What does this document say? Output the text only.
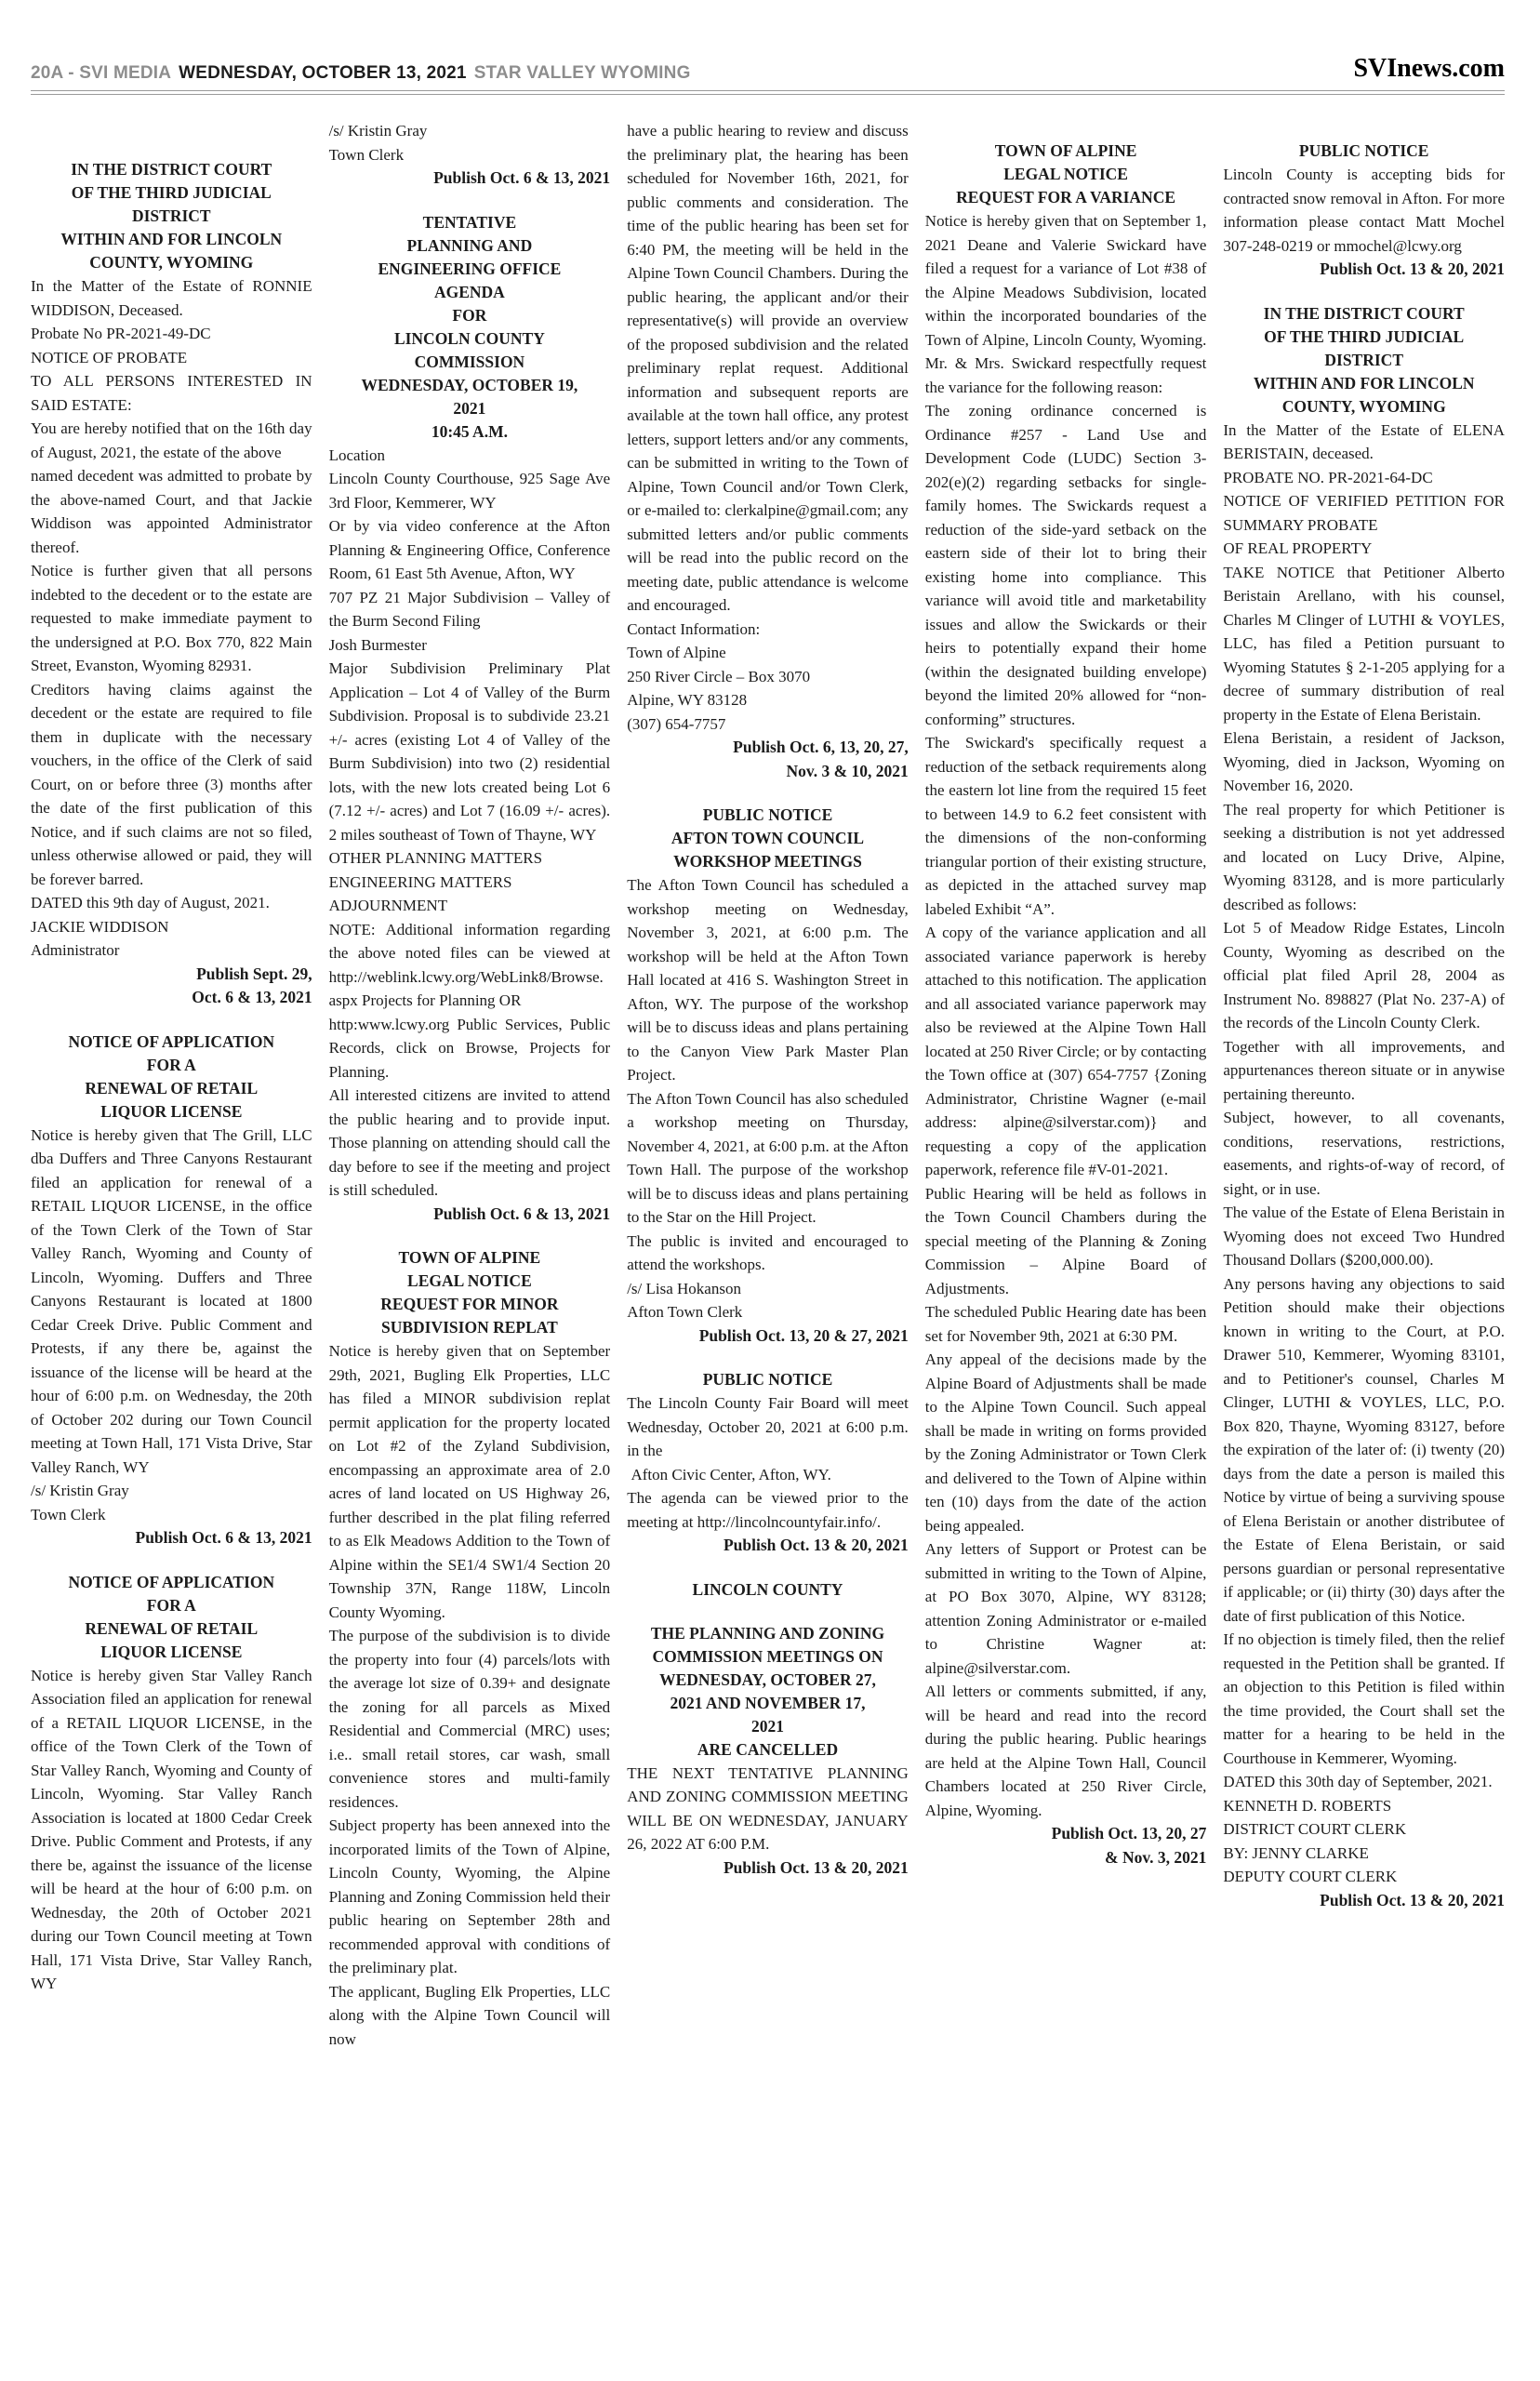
20A - SVI MEDIA WEDNESDAY, OCTOBER 13, 2021 STAR VALLEY WYOMING	SVInews.com
IN THE DISTRICT COURT
OF THE THIRD JUDICIAL
DISTRICT
WITHIN AND FOR LINCOLN
COUNTY, WYOMING

In the Matter of the Estate of RONNIE WIDDISON, Deceased.

Probate No PR-2021-49-DC

NOTICE OF PROBATE

TO ALL PERSONS INTERESTED IN SAID ESTATE:

You are hereby notified that on the 16th day of August, 2021, the estate of the above

named decedent was admitted to probate by the above-named Court, and that Jackie Widdison was appointed Administrator thereof.

Notice is further given that all persons indebted to the decedent or to the estate are requested to make immediate payment to the undersigned at P.O. Box 770, 822 Main Street, Evanston, Wyoming 82931.

Creditors having claims against the decedent or the estate are required to file them in duplicate with the necessary vouchers, in the office of the Clerk of said Court, on or before three (3) months after the date of the first publication of this Notice, and if such claims are not so filed, unless otherwise allowed or paid, they will be forever barred.

DATED this 9th day of August, 2021.

JACKIE WIDDISON

Administrator

Publish Sept. 29,
Oct. 6 & 13, 2021
NOTICE OF APPLICATION
FOR A
RENEWAL OF RETAIL
LIQUOR LICENSE

Notice is hereby given that The Grill, LLC dba Duffers and Three Canyons Restaurant filed an application for renewal of a RETAIL LIQUOR LICENSE, in the office of the Town Clerk of the Town of Star Valley Ranch, Wyoming and County of Lincoln, Wyoming. Duffers and Three Canyons Restaurant is located at 1800 Cedar Creek Drive. Public Comment and Protests, if any there be, against the issuance of the license will be heard at the hour of 6:00 p.m. on Wednesday, the 20th of October 202 during our Town Council meeting at Town Hall, 171 Vista Drive, Star Valley Ranch, WY

/s/ Kristin Gray

Town Clerk

Publish Oct. 6 & 13, 2021
NOTICE OF APPLICATION
FOR A
RENEWAL OF RETAIL
LIQUOR LICENSE

Notice is hereby given Star Valley Ranch Association filed an application for renewal of a RETAIL LIQUOR LICENSE, in the office of the Town Clerk of the Town of Star Valley Ranch, Wyoming and County of Lincoln, Wyoming. Star Valley Ranch Association is located at 1800 Cedar Creek Drive. Public Comment and Protests, if any there be, against the issuance of the license will be heard at the hour of 6:00 p.m. on Wednesday, the 20th of October 2021 during our Town Council meeting at Town Hall, 171 Vista Drive, Star Valley Ranch, WY

/s/ Kristin Gray

Town Clerk

Publish Oct. 6 & 13, 2021
TENTATIVE
PLANNING AND
ENGINEERING OFFICE
AGENDA
FOR
LINCOLN COUNTY
COMMISSION
WEDNESDAY, OCTOBER 19,
2021
10:45 A.M.

Location

Lincoln County Courthouse, 925 Sage Ave 3rd Floor, Kemmerer, WY

Or by via video conference at the Afton Planning & Engineering Office, Conference Room, 61 East 5th Avenue, Afton, WY

707 PZ 21 Major Subdivision – Valley of the Burm Second Filing

Josh Burmester

Major Subdivision Preliminary Plat Application – Lot 4 of Valley of the Burm Subdivision. Proposal is to subdivide 23.21 +/- acres (existing Lot 4 of Valley of the Burm Subdivision) into two (2) residential lots, with the new lots created being Lot 6 (7.12 +/- acres) and Lot 7 (16.09 +/- acres). 2 miles southeast of Town of Thayne, WY

OTHER PLANNING MATTERS

ENGINEERING MATTERS

ADJOURNMENT

NOTE: Additional information regarding the above noted files can be viewed at http://weblink.lcwy.org/WebLink8/Browse.aspx Projects for Planning OR

http:www.lcwy.org Public Services, Public Records, click on Browse, Projects for Planning.

All interested citizens are invited to attend the public hearing and to provide input. Those planning on attending should call the day before to see if the meeting and project is still scheduled.

Publish Oct. 6 & 13, 2021
TOWN OF ALPINE
LEGAL NOTICE
REQUEST FOR MINOR
SUBDIVISION REPLAT

Notice is hereby given that on September 29th, 2021, Bugling Elk Properties, LLC has filed a MINOR subdivision replat permit application for the property located on Lot #2 of the Zyland Subdivision, encompassing an approximate area of 2.0 acres of land located on US Highway 26, further described in the plat filing referred to as Elk Meadows Addition to the Town of Alpine within the SE1/4 SW1/4 Section 20 Township 37N, Range 118W, Lincoln County Wyoming.

The purpose of the subdivision is to divide the property into four (4) parcels/lots with the average lot size of 0.39+ and designate the zoning for all parcels as Mixed Residential and Commercial (MRC) uses; i.e.. small retail stores, car wash, small convenience stores and multi-family residences.

Subject property has been annexed into the incorporated limits of the Town of Alpine, Lincoln County, Wyoming, the Alpine Planning and Zoning Commission held their public hearing on September 28th and recommended approval with conditions of the preliminary plat.

The applicant, Bugling Elk Properties, LLC along with the Alpine Town Council will now

have a public hearing to review and discuss the preliminary plat, the hearing has been scheduled for November 16th, 2021, for public comments and consideration. The time of the public hearing has been set for 6:40 PM, the meeting will be held in the Alpine Town Council Chambers. During the public hearing, the applicant and/or their representative(s) will provide an overview of the proposed subdivision and the related preliminary replat request. Additional information and subsequent reports are available at the town hall office, any protest letters, support letters and/or any comments, can be submitted in writing to the Town of Alpine, Town Council and/or Town Clerk, or e-mailed to: clerkalpine@gmail.com; any submitted letters and/or public comments will be read into the public record on the meeting date, public attendance is welcome and encouraged.

Contact Information:

Town of Alpine

250 River Circle – Box 3070

Alpine, WY 83128

(307) 654-7757

Publish Oct. 6, 13, 20, 27,
Nov. 3 & 10, 2021
PUBLIC NOTICE
AFTON TOWN COUNCIL
WORKSHOP MEETINGS

The Afton Town Council has scheduled a workshop meeting on Wednesday, November 3, 2021, at 6:00 p.m. The workshop will be held at the Afton Town Hall located at 416 S. Washington Street in Afton, WY. The purpose of the workshop will be to discuss ideas and plans pertaining to the Canyon View Park Master Plan Project.

The Afton Town Council has also scheduled a workshop meeting on Thursday, November 4, 2021, at 6:00 p.m. at the Afton Town Hall. The purpose of the workshop will be to discuss ideas and plans pertaining to the Star on the Hill Project.

The public is invited and encouraged to attend the workshops.

/s/ Lisa Hokanson

Afton Town Clerk

Publish Oct. 13, 20 & 27, 2021
PUBLIC NOTICE

The Lincoln County Fair Board will meet Wednesday, October 20, 2021 at 6:00 p.m. in the

Afton Civic Center, Afton, WY.

The agenda can be viewed prior to the meeting at http://lincolncountyfair.info/.

Publish Oct. 13 & 20, 2021
LINCOLN COUNTY
THE PLANNING AND ZONING
COMMISSION MEETINGS ON
WEDNESDAY, OCTOBER 27,
2021 AND NOVEMBER 17,
2021
ARE CANCELLED

THE NEXT TENTATIVE PLANNING AND ZONING COMMISSION MEETING WILL BE ON WEDNESDAY, JANUARY 26, 2022 AT 6:00 P.M.

Publish Oct. 13 & 20, 2021
TOWN OF ALPINE
LEGAL NOTICE
REQUEST FOR A VARIANCE

Notice is hereby given that on September 1, 2021 Deane and Valerie Swickard have filed a request for a variance of Lot #38 of the Alpine Meadows Subdivision, located within the incorporated boundaries of the Town of Alpine, Lincoln County, Wyoming. Mr. & Mrs. Swickard respectfully request the variance for the following reason:

The zoning ordinance concerned is Ordinance #257 - Land Use and Development Code (LUDC) Section 3-202(e)(2) regarding setbacks for single-family homes. The Swickards request a reduction of the side-yard setback on the eastern side of their lot to bring their existing home into compliance. This variance will avoid title and marketability issues and allow the Swickards or their heirs to potentially expand their home (within the designated building envelope) beyond the limited 20% allowed for “non-conforming” structures.

The Swickard's specifically request a reduction of the setback requirements along the eastern lot line from the required 15 feet to between 14.9 to 6.2 feet consistent with the dimensions of the non-conforming triangular portion of their existing structure, as depicted in the attached survey map labeled Exhibit “A”.

A copy of the variance application and all associated variance paperwork is hereby attached to this notification. The application and all associated variance paperwork may also be reviewed at the Alpine Town Hall located at 250 River Circle; or by contacting the Town office at (307) 654-7757 {Zoning Administrator, Christine Wagner (e-mail address: alpine@silverstar.com)} and requesting a copy of the application paperwork, reference file #V-01-2021.

Public Hearing will be held as follows in the Town Council Chambers during the special meeting of the Planning & Zoning Commission – Alpine Board of Adjustments.

The scheduled Public Hearing date has been set for November 9th, 2021 at 6:30 PM.

Any appeal of the decisions made by the Alpine Board of Adjustments shall be made to the Alpine Town Council. Such appeal shall be made in writing on forms provided by the Zoning Administrator or Town Clerk and delivered to the Town of Alpine within ten (10) days from the date of the action being appealed.

Any letters of Support or Protest can be submitted in writing to the Town of Alpine, at PO Box 3070, Alpine, WY 83128; attention Zoning Administrator or e-mailed to Christine Wagner at: alpine@silverstar.com.

All letters or comments submitted, if any, will be heard and read into the record during the public hearing. Public hearings are held at the Alpine Town Hall, Council Chambers located at 250 River Circle, Alpine, Wyoming.

Publish Oct. 13, 20, 27
& Nov. 3, 2021
PUBLIC NOTICE

Lincoln County is accepting bids for contracted snow removal in Afton. For more information please contact Matt Mochel 307-248-0219 or mmochel@lcwy.org

Publish Oct. 13 & 20, 2021
IN THE DISTRICT COURT
OF THE THIRD JUDICIAL
DISTRICT
WITHIN AND FOR LINCOLN
COUNTY, WYOMING

In the Matter of the Estate of ELENA BERISTAIN, deceased.

PROBATE NO. PR-2021-64-DC

NOTICE OF VERIFIED PETITION FOR SUMMARY PROBATE

OF REAL PROPERTY

TAKE NOTICE that Petitioner Alberto Beristain Arellano, with his counsel, Charles M Clinger of LUTHI & VOYLES, LLC, has filed a Petition pursuant to Wyoming Statutes § 2-1-205 applying for a decree of summary distribution of real property in the Estate of Elena Beristain.

Elena Beristain, a resident of Jackson, Wyoming, died in Jackson, Wyoming on November 16, 2020.

The real property for which Petitioner is seeking a distribution is not yet addressed and located on Lucy Drive, Alpine, Wyoming 83128, and is more particularly described as follows:

Lot 5 of Meadow Ridge Estates, Lincoln County, Wyoming as described on the official plat filed April 28, 2004 as Instrument No. 898827 (Plat No. 237-A) of the records of the Lincoln County Clerk.

Together with all improvements, and appurtenances thereon situate or in anywise pertaining thereunto.

Subject, however, to all covenants, conditions, reservations, restrictions, easements, and rights-of-way of record, of sight, or in use.

The value of the Estate of Elena Beristain in Wyoming does not exceed Two Hundred Thousand Dollars ($200,000.00).

Any persons having any objections to said Petition should make their objections known in writing to the Court, at P.O. Drawer 510, Kemmerer, Wyoming 83101, and to Petitioner's counsel, Charles M Clinger, LUTHI & VOYLES, LLC, P.O. Box 820, Thayne, Wyoming 83127, before the expiration of the later of: (i) twenty (20) days from the date a person is mailed this Notice by virtue of being a surviving spouse of Elena Beristain or another distributee of the Estate of Elena Beristain, or said persons guardian or personal representative if applicable; or (ii) thirty (30) days after the date of first publication of this Notice.

If no objection is timely filed, then the relief requested in the Petition shall be granted. If an objection to this Petition is filed within the time provided, the Court shall set the matter for a hearing to be held in the Courthouse in Kemmerer, Wyoming.

DATED this 30th day of September, 2021.

KENNETH D. ROBERTS

DISTRICT COURT CLERK

BY: JENNY CLARKE

DEPUTY COURT CLERK

Publish Oct. 13 & 20, 2021
